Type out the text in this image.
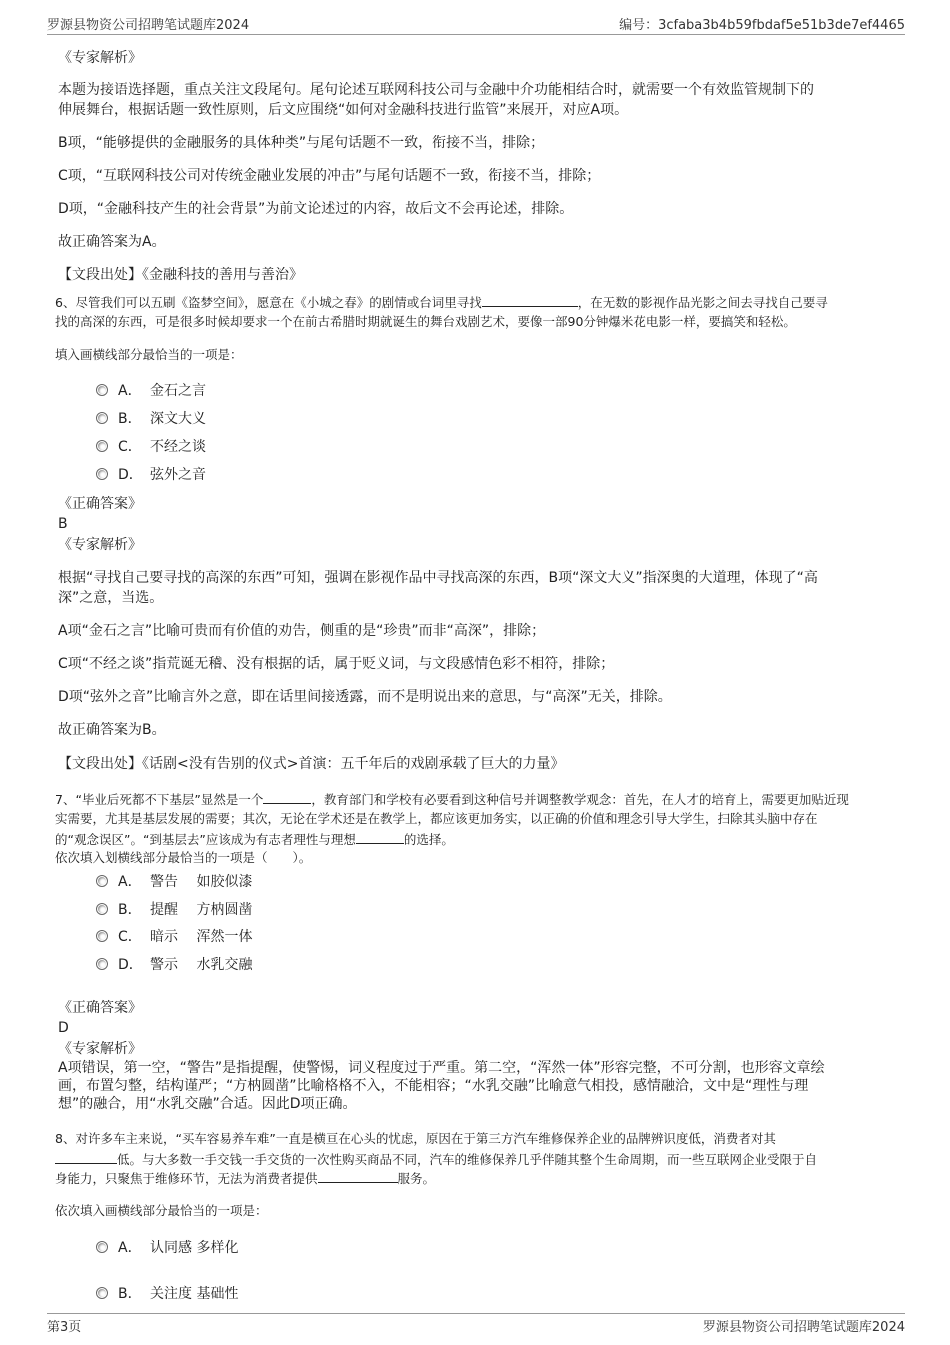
罗源县物资公司招聘笔试题库2024	编号：3cfaba3b4b59fbdaf5e51b3de7ef4465
《专家解析》
本题为接语选择题，重点关注文段尾句。尾句论述互联网科技公司与金融中介功能相结合时，就需要一个有效监管规制下的
伸展舞台，根据话题一致性原则，后文应围绕“如何对金融科技进行监管”来展开，对应A项。
B项，“能够提供的金融服务的具体种类”与尾句话题不一致，衔接不当，排除；
C项，“互联网科技公司对传统金融业发展的冲击”与尾句话题不一致，衔接不当，排除；
D项，“金融科技产生的社会背景”为前文论述过的内容，故后文不会再论述，排除。
故正确答案为A。
【文段出处】《金融科技的善用与善治》
6、尽管我们可以五刷《盗梦空间》，愿意在《小城之春》的剧情或台词里寻找	，在无数的影视作品光影之间去寻找自己要寻
找的高深的东西，可是很多时候却要求一个在前古希腊时期就诞生的舞台戏剧艺术，要像一部90分钟爆米花电影一样，要搞笑和轻松。
填入画横线部分最恰当的一项是：
A． 金石之言
B． 深文大义
C． 不经之谈
D． 弦外之音
《正确答案》
B
《专家解析》
根据“寻找自己要寻找的高深的东西”可知，强调在影视作品中寻找高深的东西，B项“深文大义”指深奥的大道理，体现了“高
深”之意，当选。
A项“金石之言”比喻可贵而有价值的劝告，侧重的是“珍贵”而非“高深”，排除；
C项“不经之谈”指荒诞无稽、没有根据的话，属于贬义词，与文段感情色彩不相符，排除；
D项“弦外之音”比喻言外之意，即在话里间接透露，而不是明说出来的意思，与“高深”无关，排除。
故正确答案为B。
【文段出处】《话剧<没有告别的仪式>首演：五千年后的戏剧承载了巨大的力量》
7、“毕业后死都不下基层”显然是一个	，教育部门和学校有必要看到这种信号并调整教学观念：首先，在人才的培育上，需要更加贴近现
实需要，尤其是基层发展的需要；其次，无论在学术还是在教学上，都应该更加务实，以正确的价值和理念引导大学生，扫除其头脑中存在
的“观念误区”。“到基层去”应该成为有志者理性与理想	的选择。
依次填入划横线部分最恰当的一项是（　　）。
A． 警告　 如胶似漆
B． 提醒　 方枘圆凿
C． 暗示　 浑然一体
D． 警示　 水乳交融
《正确答案》
D
《专家解析》
A项错误，第一空，“警告”是指提醒，使警惕，词义程度过于严重。第二空，“浑然一体”形容完整，不可分割，也形容文章绘
画，布置匀整，结构谨严；“方枘圆凿”比喻格格不入，不能相容；“水乳交融”比喻意气相投，感情融洽，文中是“理性与理
想”的融合，用“水乳交融”合适。因此D项正确。
8、对许多车主来说，“买车容易养车难”一直是横亘在心头的忧虑，原因在于第三方汽车维修保养企业的品牌辨识度低，消费者对其
低。与大多数一手交钱一手交货的一次性购买商品不同，汽车的维修保养几乎伴随其整个生命周期，而一些互联网企业受限于自
身能力，只聚焦于维修环节，无法为消费者提供	服务。
依次填入画横线部分最恰当的一项是：
A． 认同感 多样化
B． 关注度 基础性
第3页	罗源县物资公司招聘笔试题库2024
